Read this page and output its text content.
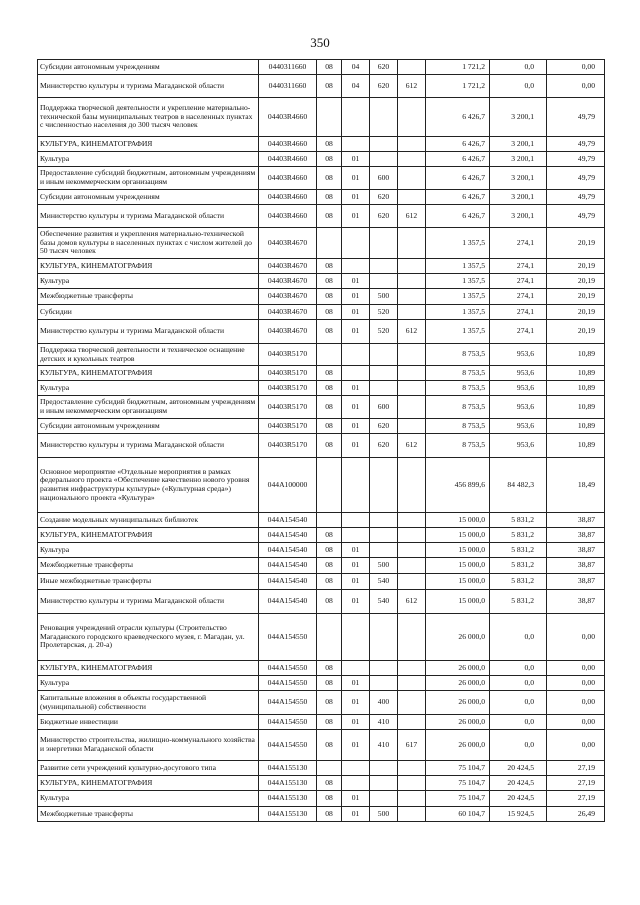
350
Субсидии автономным учреждениям	0440311660	08	04	620		1 721,2	0,0	0,00
Министерство культуры и туризма Магаданской области	0440311660	08	04	620	612	1 721,2	0,0	0,00
Поддержка творческой деятельности и укрепление материально-технической базы муниципальных театров в населенных пунктах с численностью населения до 300 тысяч человек	04403R4660					6 426,7	3 200,1	49,79
КУЛЬТУРА, КИНЕМАТОГРАФИЯ	04403R4660	08				6 426,7	3 200,1	49,79
Культура	04403R4660	08	01			6 426,7	3 200,1	49,79
Предоставление субсидий бюджетным, автономным учреждениям и иным некоммерческим организациям	04403R4660	08	01	600		6 426,7	3 200,1	49,79
Субсидии автономным учреждениям	04403R4660	08	01	620		6 426,7	3 200,1	49,79
Министерство культуры и туризма Магаданской области	04403R4660	08	01	620	612	6 426,7	3 200,1	49,79
Обеспечение развития и укрепления материально-технической базы домов культуры в населенных пунктах с числом жителей до 50 тысяч человек	04403R4670					1 357,5	274,1	20,19
КУЛЬТУРА, КИНЕМАТОГРАФИЯ	04403R4670	08				1 357,5	274,1	20,19
Культура	04403R4670	08	01			1 357,5	274,1	20,19
Межбюджетные трансферты	04403R4670	08	01	500		1 357,5	274,1	20,19
Субсидии	04403R4670	08	01	520		1 357,5	274,1	20,19
Министерство культуры и туризма Магаданской области	04403R4670	08	01	520	612	1 357,5	274,1	20,19
Поддержка творческой деятельности и техническое оснащение детских и кукольных театров	04403R5170					8 753,5	953,6	10,89
КУЛЬТУРА, КИНЕМАТОГРАФИЯ	04403R5170	08				8 753,5	953,6	10,89
Культура	04403R5170	08	01			8 753,5	953,6	10,89
Предоставление субсидий бюджетным, автономным учреждениям и иным некоммерческим организациям	04403R5170	08	01	600		8 753,5	953,6	10,89
Субсидии автономным учреждениям	04403R5170	08	01	620		8 753,5	953,6	10,89
Министерство культуры и туризма Магаданской области	04403R5170	08	01	620	612	8 753,5	953,6	10,89
Основное мероприятие «Отдельные мероприятия в рамках федерального проекта «Обеспечение качественно нового уровня развития инфраструктуры культуры» («Культурная среда») национального проекта «Культура»	044A100000					456 899,6	84 482,3	18,49
Создание модельных муниципальных библиотек	044A154540					15 000,0	5 831,2	38,87
КУЛЬТУРА, КИНЕМАТОГРАФИЯ	044A154540	08				15 000,0	5 831,2	38,87
Культура	044A154540	08	01			15 000,0	5 831,2	38,87
Межбюджетные трансферты	044A154540	08	01	500		15 000,0	5 831,2	38,87
Иные межбюджетные трансферты	044A154540	08	01	540		15 000,0	5 831,2	38,87
Министерство культуры и туризма Магаданской области	044A154540	08	01	540	612	15 000,0	5 831,2	38,87
Реновация учреждений отрасли культуры (Строительство Магаданского городского краеведческого музея, г. Магадан, ул. Пролетарская, д. 20-а)	044A154550					26 000,0	0,0	0,00
КУЛЬТУРА, КИНЕМАТОГРАФИЯ	044A154550	08				26 000,0	0,0	0,00
Культура	044A154550	08	01			26 000,0	0,0	0,00
Капитальные вложения в объекты государственной (муниципальной) собственности	044A154550	08	01	400		26 000,0	0,0	0,00
Бюджетные инвестиции	044A154550	08	01	410		26 000,0	0,0	0,00
Министерство строительства, жилищно-коммунального хозяйства и энергетики Магаданской области	044A154550	08	01	410	617	26 000,0	0,0	0,00
Развитие сети учреждений культурно-досугового типа	044A155130					75 104,7	20 424,5	27,19
КУЛЬТУРА, КИНЕМАТОГРАФИЯ	044A155130	08				75 104,7	20 424,5	27,19
Культура	044A155130	08	01			75 104,7	20 424,5	27,19
Межбюджетные трансферты	044A155130	08	01	500		60 104,7	15 924,5	26,49
